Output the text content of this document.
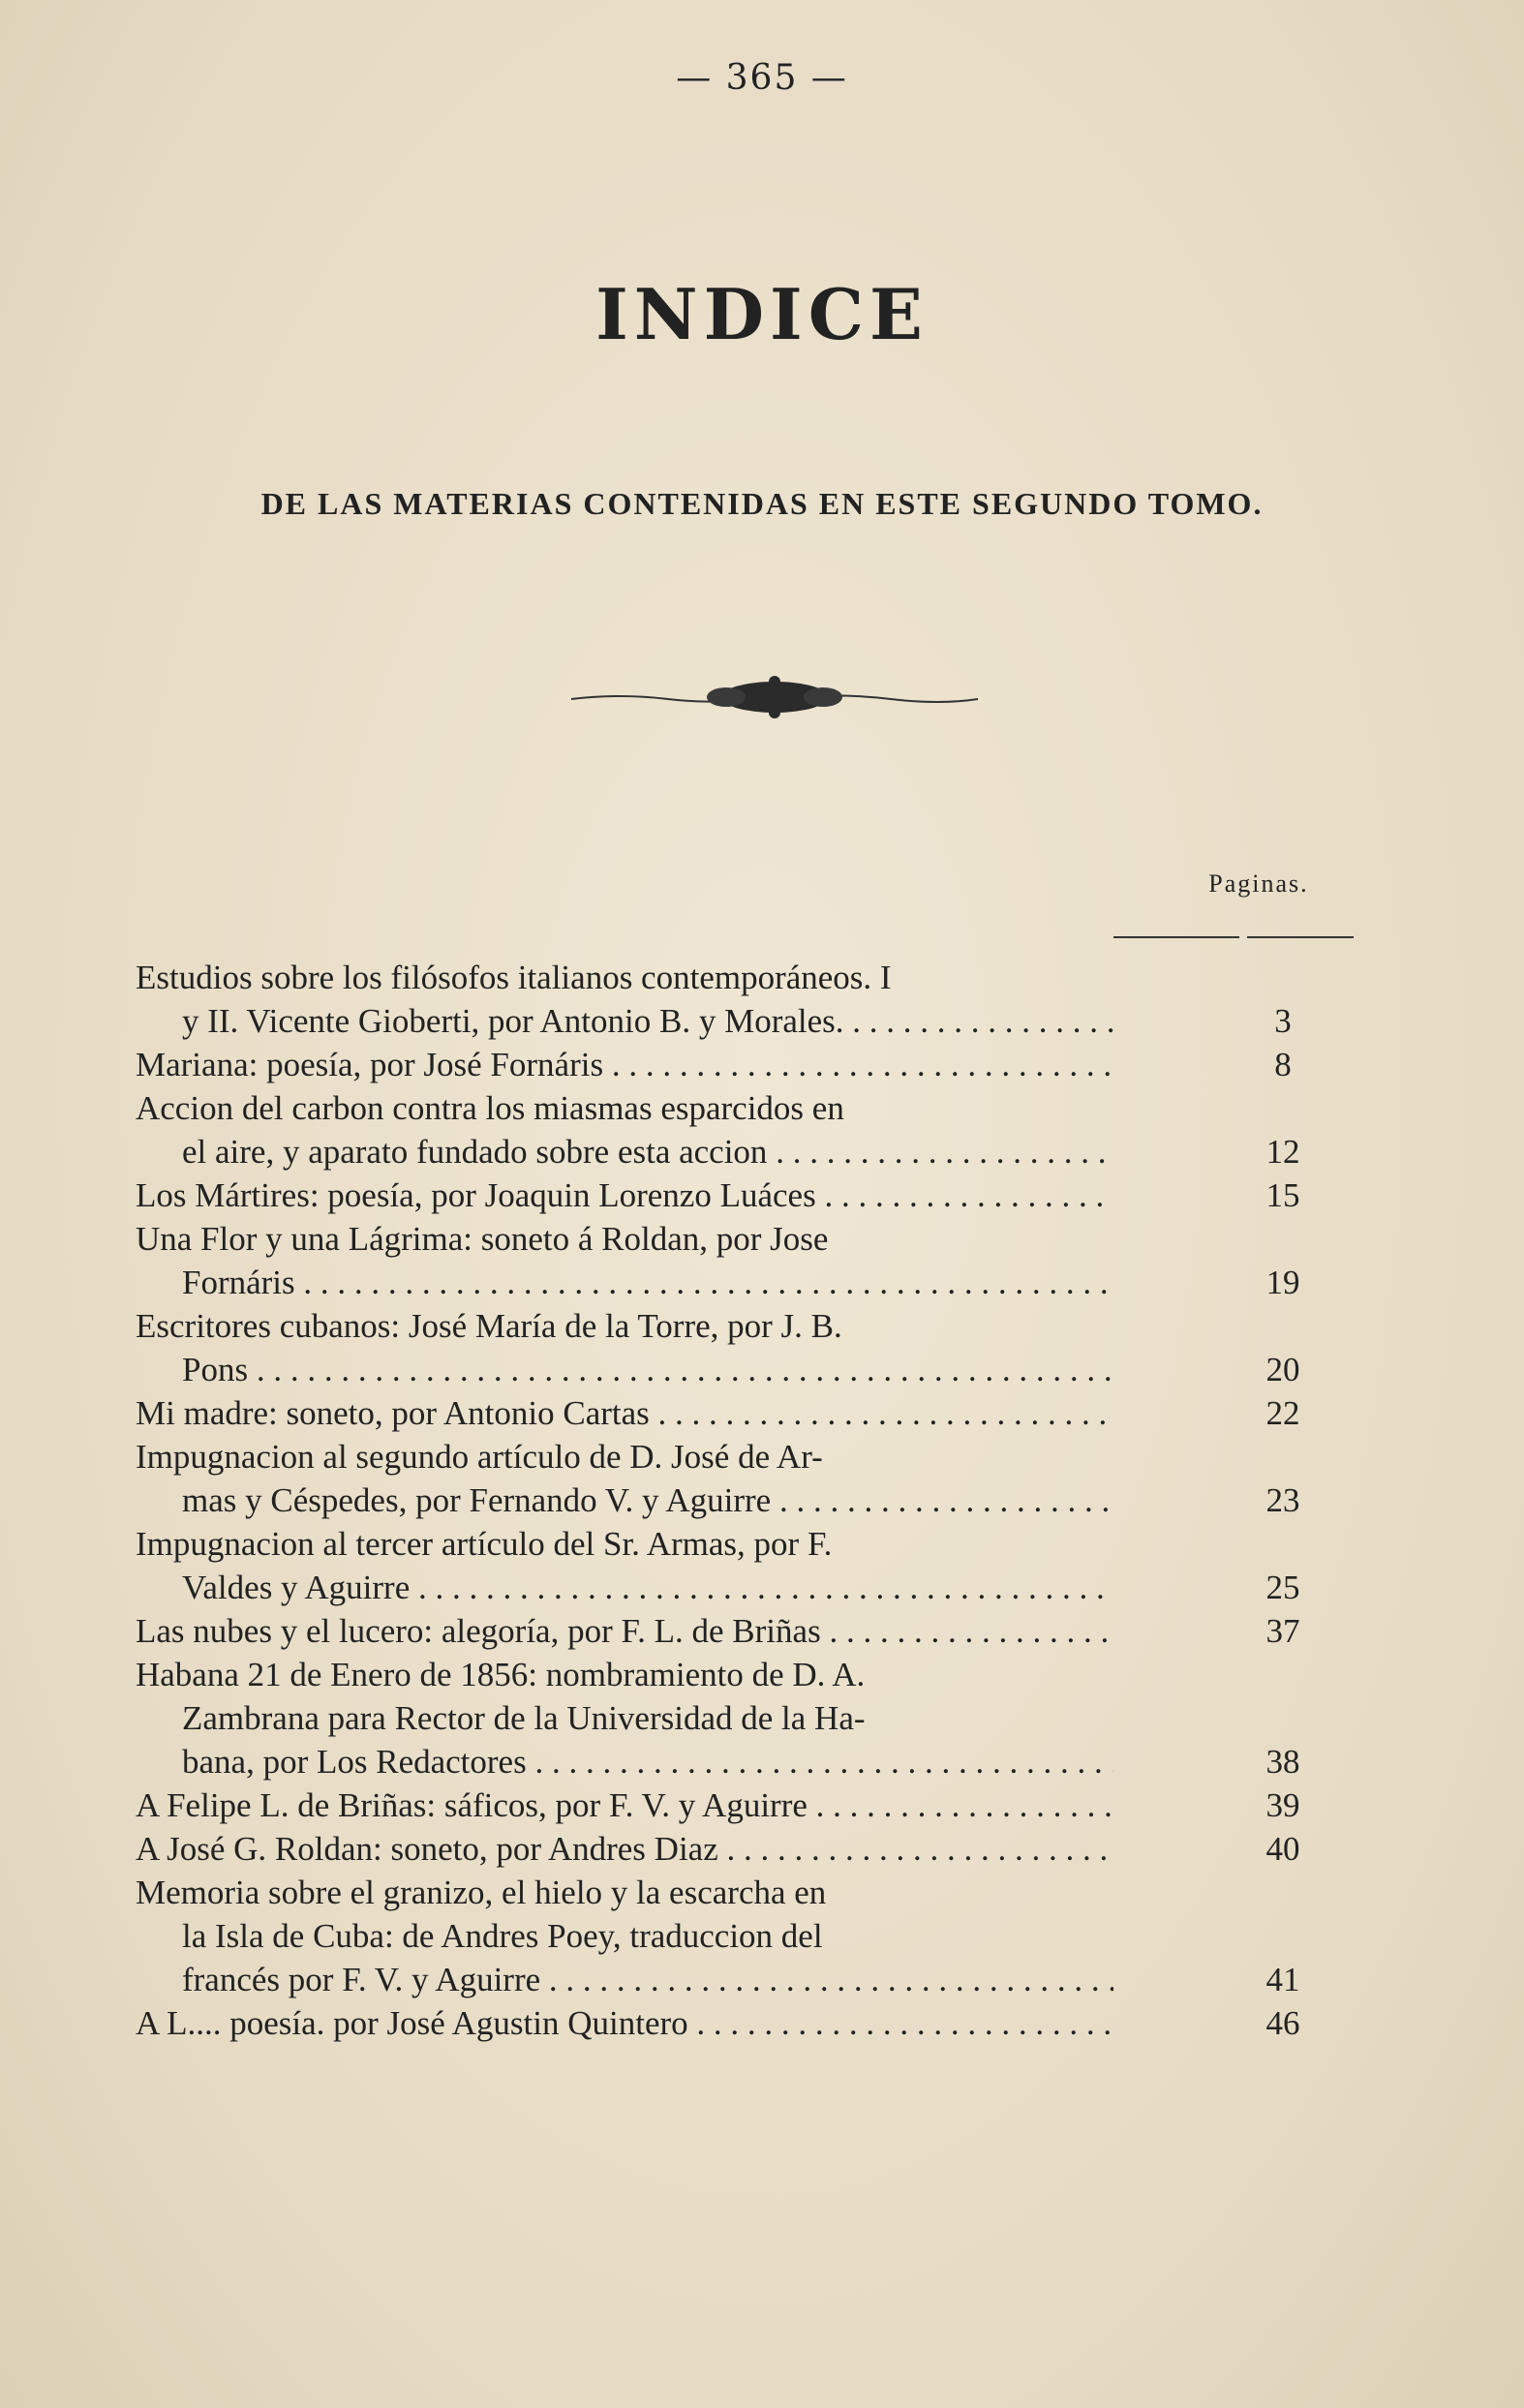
— 365 —
INDICE
DE LAS MATERIAS CONTENIDAS EN ESTE SEGUNDO TOMO.
Paginas.
Estudios sobre los filósofos italianos contemporáneos. I
y II. Vicente Gioberti, por Antonio B. y Morales. . . .	3
Mariana: poesía, por José Fornáris . . .	8
Accion del carbon contra los miasmas esparcidos en
el aire, y aparato fundado sobre esta accion . . .	12
Los Mártires: poesía, por Joaquin Lorenzo Luáces . . .	15
Una Flor y una Lágrima: soneto á Roldan, por Jose
Fornáris . . .	19
Escritores cubanos: José María de la Torre, por J. B.
Pons . . .	20
Mi madre: soneto, por Antonio Cartas . . .	22
Impugnacion al segundo artículo de D. José de Ar-
mas y Céspedes, por Fernando V. y Aguirre . . .	23
Impugnacion al tercer artículo del Sr. Armas, por F.
Valdes y Aguirre . . .	25
Las nubes y el lucero: alegoría, por F. L. de Briñas . . .	37
Habana 21 de Enero de 1856: nombramiento de D. A.
Zambrana para Rector de la Universidad de la Ha-
bana, por Los Redactores . . .	38
A Felipe L. de Briñas: sáficos, por F. V. y Aguirre . . .	39
A José G. Roldan: soneto, por Andres Diaz . . .	40
Memoria sobre el granizo, el hielo y la escarcha en
la Isla de Cuba: de Andres Poey, traduccion del
francés por F. V. y Aguirre . . .	41
A L.... poesía. por José Agustin Quintero . . .	46
